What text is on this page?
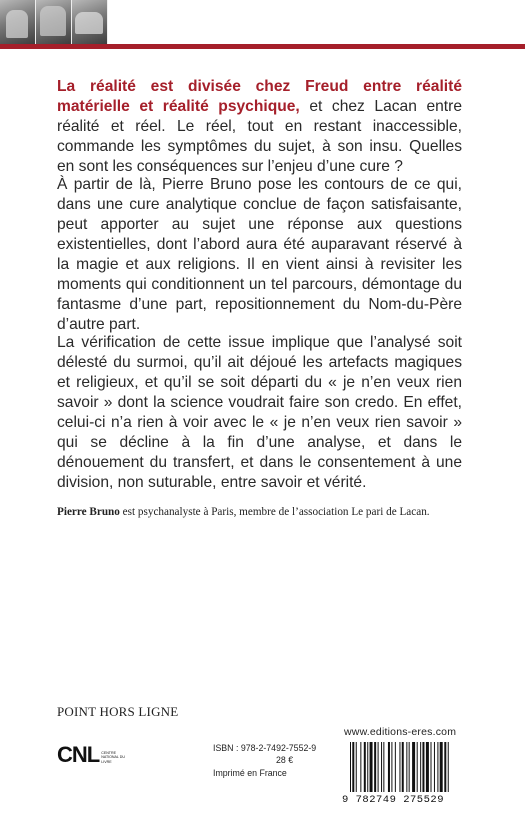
La réalité est divisée chez Freud entre réalité matérielle et réalité psychique, et chez Lacan entre réalité et réel. Le réel, tout en restant inaccessible, commande les symptômes du sujet, à son insu. Quelles en sont les conséquences sur l’enjeu d’une cure ?

À partir de là, Pierre Bruno pose les contours de ce qui, dans une cure analytique conclue de façon satisfaisante, peut apporter au sujet une réponse aux questions existentielles, dont l’abord aura été auparavant réservé à la magie et aux religions. Il en vient ainsi à revisiter les moments qui conditionnent un tel parcours, démontage du fantasme d’une part, repositionnement du Nom-du-Père d’autre part.

La vérification de cette issue implique que l’analysé soit délesté du surmoi, qu’il ait déjoué les artefacts magiques et religieux, et qu’il se soit départi du « je n’en veux rien savoir » dont la science voudrait faire son credo. En effet, celui-ci n’a rien à voir avec le « je n’en veux rien savoir » qui se décline à la fin d’une analyse, et dans le dénouement du transfert, et dans le consentement à une division, non suturable, entre savoir et vérité.

Pierre Bruno est psychanalyste à Paris, membre de l’association Le pari de Lacan.
POINT HORS LIGNE
CNL CENTRE NATIONAL DU LIVRE
ISBN : 978-2-7492-7552-9
28 €
Imprimé en France
www.editions-eres.com
9 782749 275529
